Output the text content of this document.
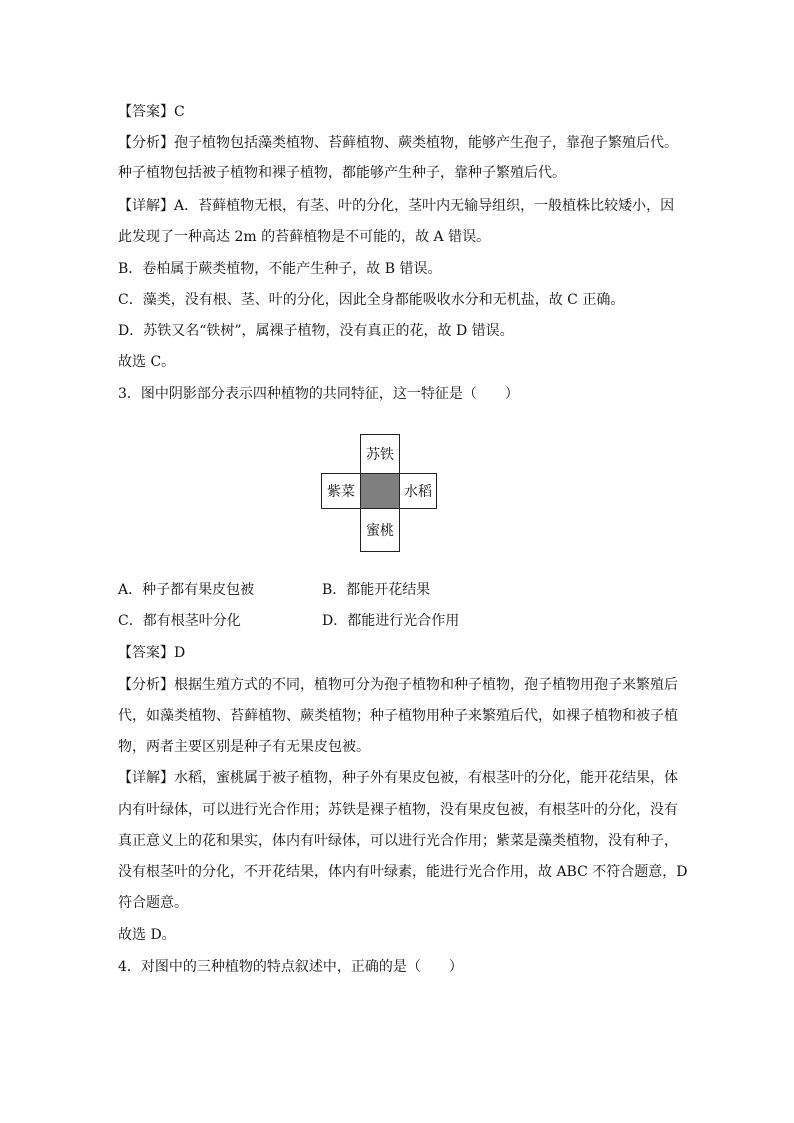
【答案】C
【分析】孢子植物包括藻类植物、苔藓植物、蕨类植物，能够产生孢子，靠孢子繁殖后代。
种子植物包括被子植物和裸子植物，都能够产生种子，靠种子繁殖后代。
【详解】A．苔藓植物无根，有茎、叶的分化，茎叶内无输导组织，一般植株比较矮小，因
此发现了一种高达 2m 的苔藓植物是不可能的，故 A 错误。
B．卷柏属于蕨类植物，不能产生种子，故 B 错误。
C．藻类，没有根、茎、叶的分化，因此全身都能吸收水分和无机盐，故 C 正确。
D．苏铁又名“铁树”，属裸子植物，没有真正的花，故 D 错误。
故选 C。
3．图中阴影部分表示四种植物的共同特征，这一特征是（　　）
苏铁
紫菜	水稻
蜜桃
A．种子都有果皮包被	B．都能开花结果
C．都有根茎叶分化	D．都能进行光合作用
【答案】D
【分析】根据生殖方式的不同，植物可分为孢子植物和种子植物，孢子植物用孢子来繁殖后
代，如藻类植物、苔藓植物、蕨类植物；种子植物用种子来繁殖后代，如裸子植物和被子植
物，两者主要区别是种子有无果皮包被。
【详解】水稻，蜜桃属于被子植物，种子外有果皮包被，有根茎叶的分化，能开花结果，体
内有叶绿体，可以进行光合作用；苏铁是裸子植物，没有果皮包被，有根茎叶的分化，没有
真正意义上的花和果实，体内有叶绿体，可以进行光合作用；紫菜是藻类植物，没有种子，
没有根茎叶的分化，不开花结果，体内有叶绿素，能进行光合作用，故 ABC 不符合题意，D
符合题意。
故选 D。
4．对图中的三种植物的特点叙述中，正确的是（　　）
